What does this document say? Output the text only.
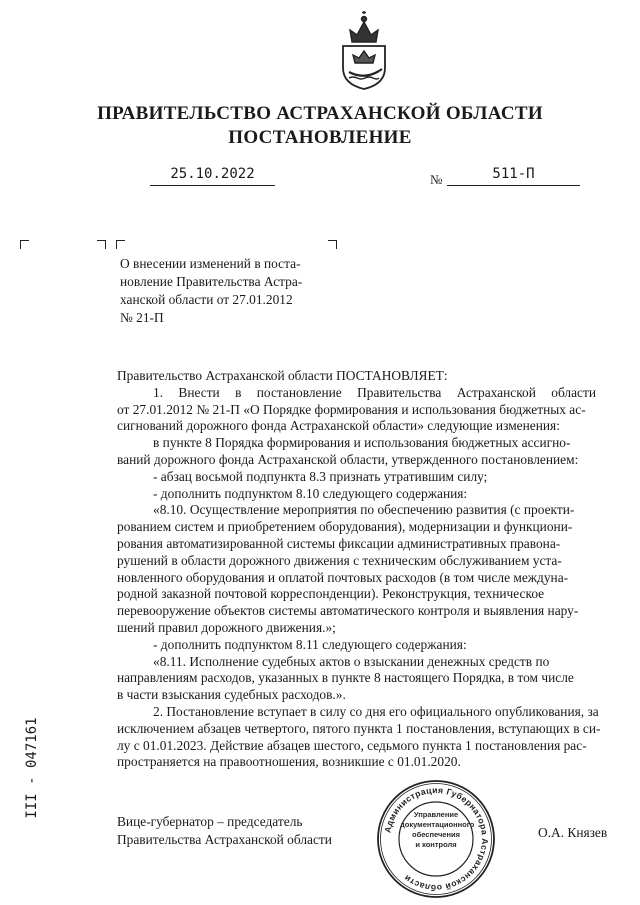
ПРАВИТЕЛЬСТВО АСТРАХАНСКОЙ ОБЛАСТИ
ПОСТАНОВЛЕНИЕ
25.10.2022	№	511-П
О внесении изменений в поста-
новление Правительства Астра-
ханской области от 27.01.2012
№ 21-П
Правительство Астраханской области ПОСТАНОВЛЯЕТ:
1. Внести в постановление Правительства Астраханской области
от 27.01.2012 № 21-П «О Порядке формирования и использования бюджетных ас-
сигнований дорожного фонда Астраханской области» следующие изменения:
в пункте 8 Порядка формирования и использования бюджетных ассигно-
ваний дорожного фонда Астраханской области, утвержденного постановлением:
- абзац восьмой подпункта 8.3 признать утратившим силу;
- дополнить подпунктом 8.10 следующего содержания:
«8.10. Осуществление мероприятия по обеспечению развития (с проекти-
рованием систем и приобретением оборудования), модернизации и функциони-
рования автоматизированной системы фиксации административных правона-
рушений в области дорожного движения с техническим обслуживанием уста-
новленного оборудования и оплатой почтовых расходов (в том числе междуна-
родной заказной почтовой корреспонденции). Реконструкция, техническое
перевооружение объектов системы автоматического контроля и выявления нару-
шений правил дорожного движения.»;
- дополнить подпунктом 8.11 следующего содержания:
«8.11. Исполнение судебных актов о взыскании денежных средств по
направлениям расходов, указанных в пункте 8 настоящего Порядка, в том числе
в части взыскания судебных расходов.».
2. Постановление вступает в силу со дня его официального опубликования, за
исключением абзацев четвертого, пятого пункта 1 постановления, вступающих в си-
лу с 01.01.2023. Действие абзацев шестого, седьмого пункта 1 постановления рас-
пространяется на правоотношения, возникшие с 01.01.2020.
Вице-губернатор – председатель
Правительства Астраханской области
Администрация Губернатора Астраханской области
Управление
документационного
обеспечения
и контроля
О.А. Князев
III - 047161
